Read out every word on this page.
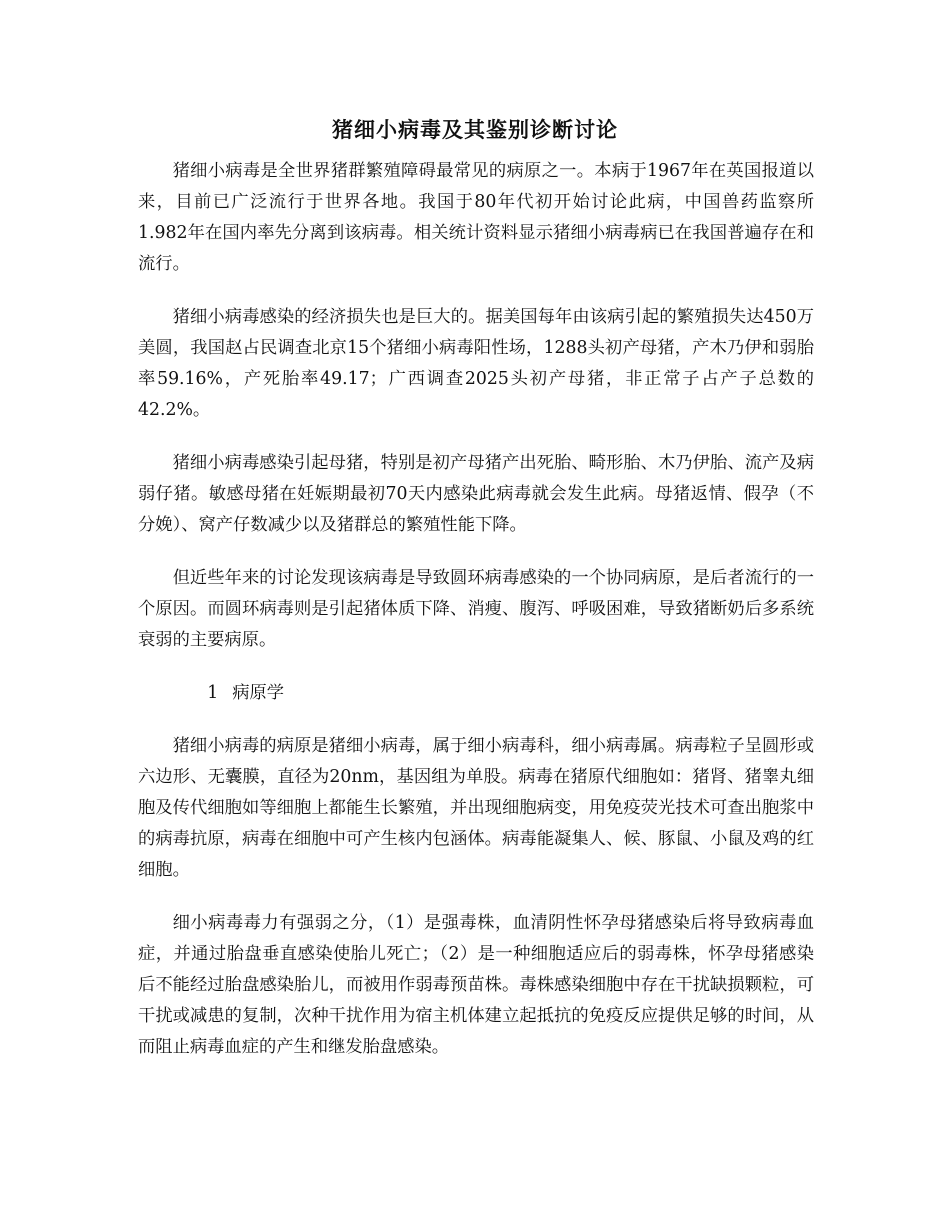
猪细小病毒及其鉴别诊断讨论

猪细小病毒是全世界猪群繁殖障碍最常见的病原之一。本病于1967年在英国报道以来，目前已广泛流行于世界各地。我国于80年代初开始讨论此病，中国兽药监察所1.982年在国内率先分离到该病毒。相关统计资料显示猪细小病毒病已在我国普遍存在和流行。

猪细小病毒感染的经济损失也是巨大的。据美国每年由该病引起的繁殖损失达450万美圆，我国赵占民调查北京15个猪细小病毒阳性场，1288头初产母猪，产木乃伊和弱胎率59.16%，产死胎率49.17；广西调查2025头初产母猪，非正常子占产子总数的42.2%。

猪细小病毒感染引起母猪，特别是初产母猪产出死胎、畸形胎、木乃伊胎、流产及病弱仔猪。敏感母猪在妊娠期最初70天内感染此病毒就会发生此病。母猪返情、假孕（不分娩）、窝产仔数减少以及猪群总的繁殖性能下降。

但近些年来的讨论发现该病毒是导致圆环病毒感染的一个协同病原，是后者流行的一个原因。而圆环病毒则是引起猪体质下降、消瘦、腹泻、呼吸困难，导致猪断奶后多系统衰弱的主要病原。

1 病原学

猪细小病毒的病原是猪细小病毒，属于细小病毒科，细小病毒属。病毒粒子呈圆形或六边形、无囊膜，直径为20nm，基因组为单股。病毒在猪原代细胞如：猪肾、猪睾丸细胞及传代细胞如等细胞上都能生长繁殖，并出现细胞病变，用免疫荧光技术可查出胞浆中的病毒抗原，病毒在细胞中可产生核内包涵体。病毒能凝集人、候、豚鼠、小鼠及鸡的红细胞。

细小病毒毒力有强弱之分，（1）是强毒株，血清阴性怀孕母猪感染后将导致病毒血症，并通过胎盘垂直感染使胎儿死亡；（2）是一种细胞适应后的弱毒株，怀孕母猪感染后不能经过胎盘感染胎儿，而被用作弱毒预苗株。毒株感染细胞中存在干扰缺损颗粒，可干扰或减患的复制，次种干扰作用为宿主机体建立起抵抗的免疫反应提供足够的时间，从而阻止病毒血症的产生和继发胎盘感染。
